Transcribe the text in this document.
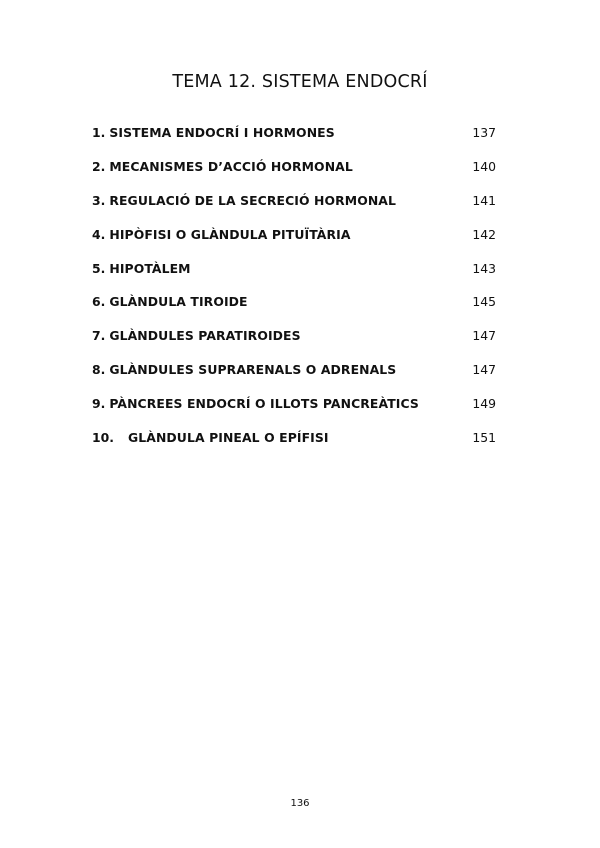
TEMA 12. SISTEMA ENDOCRÍ
1. SISTEMA ENDOCRÍ I HORMONES	137
2. MECANISMES D’ACCIÓ HORMONAL	140
3. REGULACIÓ DE LA SECRECIÓ HORMONAL	141
4. HIPÒFISI O GLÀNDULA PITUÏTÀRIA	142
5. HIPOTÀLEM	143
6. GLÀNDULA TIROIDE	145
7. GLÀNDULES PARATIROIDES	147
8. GLÀNDULES SUPRARENALS O ADRENALS	147
9. PÀNCREES ENDOCRÍ O ILLOTS PANCREÀTICS	149
10.	GLÀNDULA PINEAL O EPÍFISI	151
136
